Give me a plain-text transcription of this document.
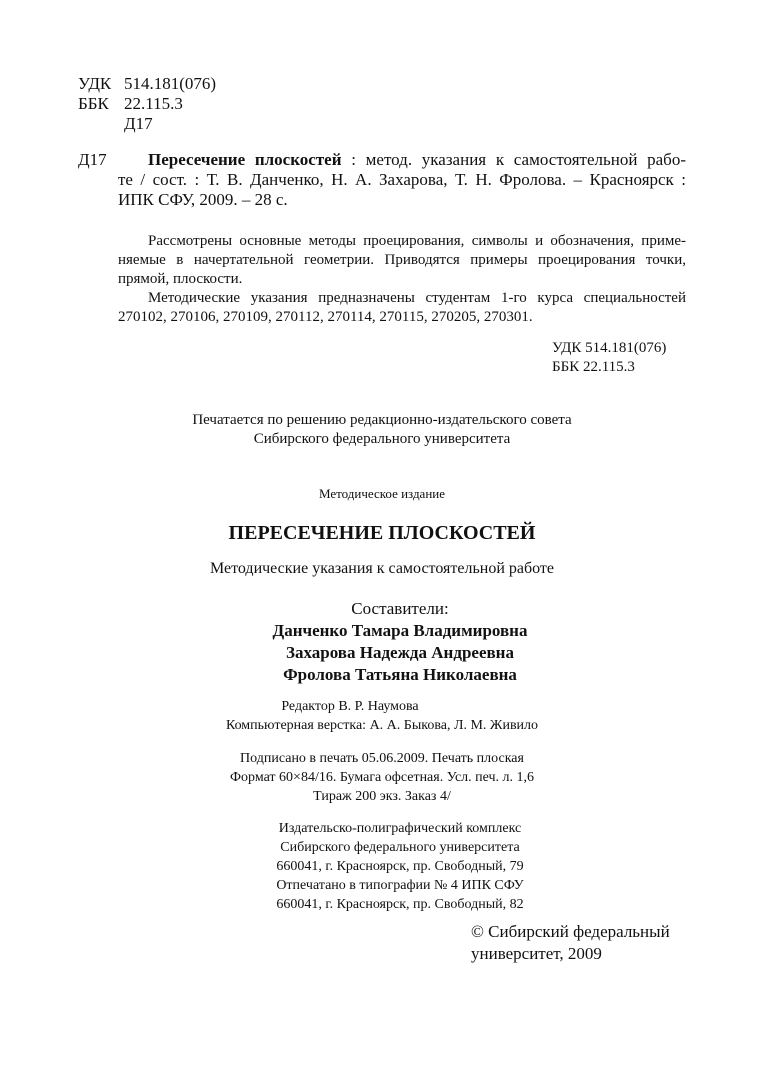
УДК 514.181(076)
ББК 22.115.3
Д17
Д17	Пересечение плоскостей : метод. указания к самостоятельной рабо-
те / сост. : Т. В. Данченко, Н. А. Захарова, Т. Н. Фролова. – Красноярск :
ИПК СФУ, 2009. – 28 с.
Рассмотрены основные методы проецирования, символы и обозначения, приме-
няемые в начертательной геометрии. Приводятся примеры проецирования точки,
прямой, плоскости.
Методические указания предназначены студентам 1-го курса специальностей
270102, 270106, 270109, 270112, 270114, 270115, 270205, 270301.
УДК 514.181(076)
ББК 22.115.3
Печатается по решению редакционно-издательского совета
Сибирского федерального университета
Методическое издание
ПЕРЕСЕЧЕНИЕ ПЛОСКОСТЕЙ
Методические указания к самостоятельной работе
Составители:
Данченко Тамара Владимировна
Захарова Надежда Андреевна
Фролова Татьяна Николаевна
Редактор В. Р. Наумова
Компьютерная верстка: А. А. Быкова, Л. М. Живило
Подписано в печать 05.06.2009. Печать плоская
Формат 60×84/16. Бумага офсетная. Усл. печ. л. 1,6
Тираж 200 экз. Заказ 4/
Издательско-полиграфический комплекс
Сибирского федерального университета
660041, г. Красноярск, пр. Свободный, 79
Отпечатано в типографии № 4 ИПК СФУ
660041, г. Красноярск, пр. Свободный, 82
© Сибирский федеральный
университет, 2009
